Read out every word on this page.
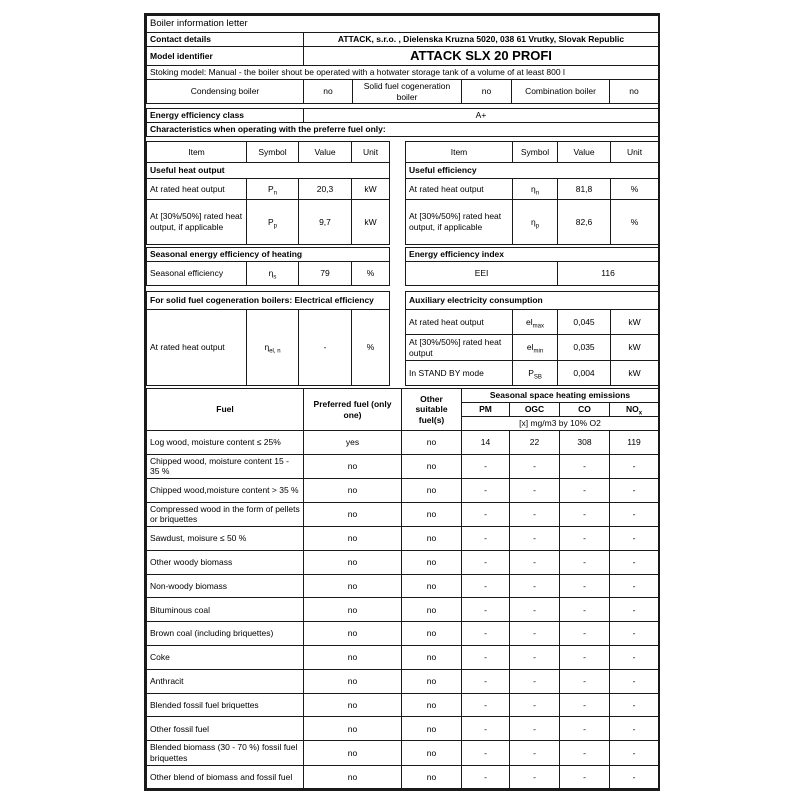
Boiler information letter	
Contact details	ATTACK, s.r.o. , Dielenska Kruzna 5020, 038 61 Vrutky, Slovak Republic
Model identifier	ATTACK SLX 20 PROFI
Stoking model: Manual - the boiler shout be operated with a hotwater storage tank of a volume of at least 800 l	
Condensing boiler	no	Solid fuel cogeneration boiler	no	Combination boiler	no
Energy efficiency class	A+
Characteristics when operating with the preferre fuel only:
Item	Symbol	Value	Unit
Useful heat output			
At rated heat output	$P_n$	20,3	kW
At [30%/50%] rated heat output, if applicable	$P_p$	9,7	kW
Item	Symbol	Value	Unit
Useful efficiency			
At rated heat output	$\eta_n$	81,8	%
At [30%/50%] rated heat output, if applicable	$\eta_p$	82,6	%
Seasonal energy efficiency of heating
Seasonal efficiency	$\eta_s$	79	%
Energy efficiency index
EEI	116
For solid fuel cogeneration boilers: Electrical efficiency
At rated heat output	$\eta_{el, n}$	-	%
Auxiliary electricity consumption			
At rated heat output	$el_{max}$	0,045	kW
At [30%/50%] rated heat output	$el_{min}$	0,035	kW
In STAND BY mode	$P_{SB}$	0,004	kW
Fuel	Preferred fuel (only one)	Other suitable fuel(s)	Seasonal space heating emissions			
			PM	OGC	CO	$NO_x$
			[x] mg/m3 by 10% O2			
Log wood, moisture content ≤ 25%	yes	no	14	22	308	119
Chipped wood, moisture content 15 - 35 %	no	no	-	-	-	-
Chipped wood,moisture content > 35 %	no	no	-	-	-	-
Compressed wood in the form of pellets or briquettes	no	no	-	-	-	-
Sawdust, moisure ≤ 50 %	no	no	-	-	-	-
Other woody biomass	no	no	-	-	-	-
Non-woody biomass	no	no	-	-	-	-
Bituminous coal	no	no	-	-	-	-
Brown coal (including briquettes)	no	no	-	-	-	-
Coke	no	no	-	-	-	-
Anthracit	no	no	-	-	-	-
Blended fossil fuel briquettes	no	no	-	-	-	-
Other fossil fuel	no	no	-	-	-	-
Blended biomass (30 - 70 %) fossil fuel briquettes	no	no	-	-	-	-
Other blend of biomass and fossil fuel	no	no	-	-	-	-
